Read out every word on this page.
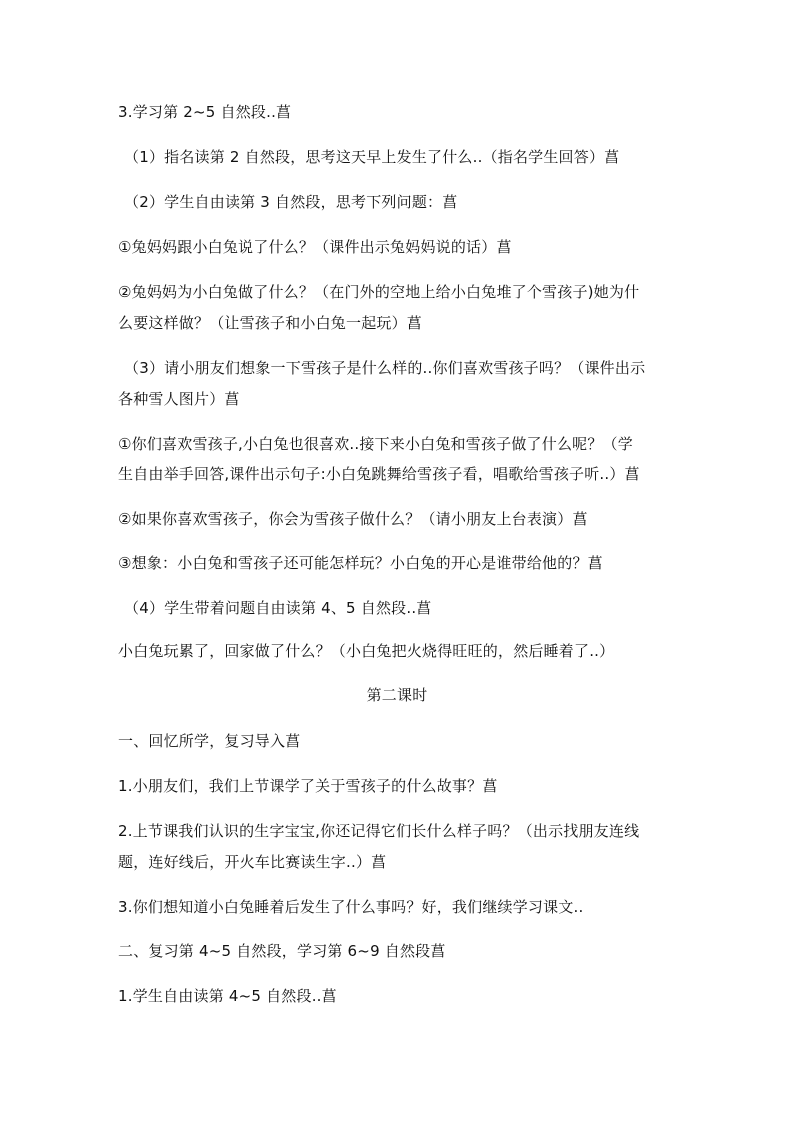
3.学习第 2~5 自然段..菖
（1）指名读第 2 自然段，思考这天早上发生了什么..（指名学生回答）菖
（2）学生自由读第 3 自然段，思考下列问题：菖
①兔妈妈跟小白兔说了什么？（课件出示兔妈妈说的话）菖
②兔妈妈为小白兔做了什么？（在门外的空地上给小白兔堆了个雪孩子)她为什
么要这样做？（让雪孩子和小白兔一起玩）菖
（3）请小朋友们想象一下雪孩子是什么样的..你们喜欢雪孩子吗？（课件出示
各种雪人图片）菖
①你们喜欢雪孩子,小白兔也很喜欢..接下来小白兔和雪孩子做了什么呢？（学
生自由举手回答,课件出示句子:小白兔跳舞给雪孩子看，唱歌给雪孩子听..）菖
②如果你喜欢雪孩子，你会为雪孩子做什么？（请小朋友上台表演）菖
③想象：小白兔和雪孩子还可能怎样玩？小白兔的开心是谁带给他的？菖
（4）学生带着问题自由读第 4、5 自然段..菖
小白兔玩累了，回家做了什么？（小白兔把火烧得旺旺的，然后睡着了..）
第二课时
一、回忆所学，复习导入菖
1.小朋友们，我们上节课学了关于雪孩子的什么故事？菖
2.上节课我们认识的生字宝宝,你还记得它们长什么样子吗？（出示找朋友连线
题，连好线后，开火车比赛读生字..）菖
3.你们想知道小白兔睡着后发生了什么事吗？好，我们继续学习课文..
二、复习第 4~5 自然段，学习第 6~9 自然段菖
1.学生自由读第 4~5 自然段..菖
